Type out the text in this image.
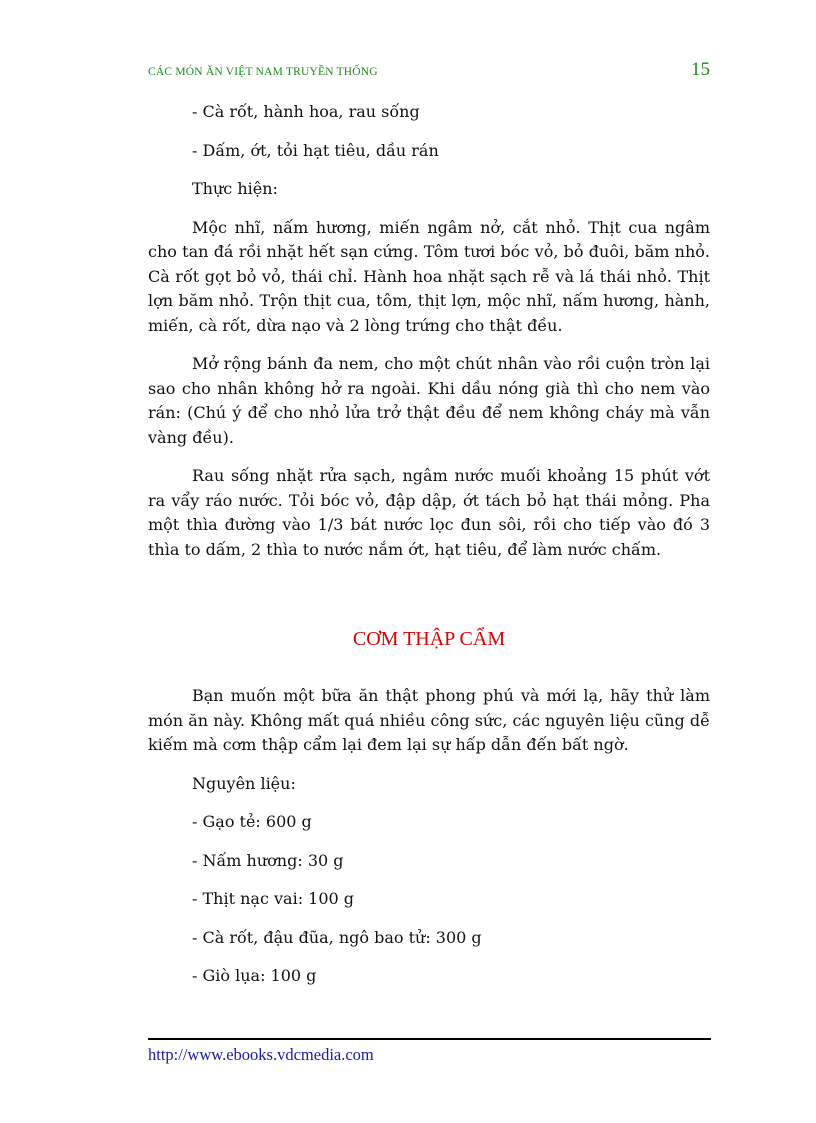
CÁC MÓN ĂN VIỆT NAM TRUYỀN THỐNG	15

- Cà rốt, hành hoa, rau sống

- Dấm, ớt, tỏi hạt tiêu, dầu rán

Thực hiện:

Mộc nhĩ, nấm hương, miến ngâm nở, cắt nhỏ. Thịt cua ngâm cho tan đá rồi nhặt hết sạn cứng. Tôm tươi bóc vỏ, bỏ đuôi, băm nhỏ. Cà rốt gọt bỏ vỏ, thái chỉ. Hành hoa nhặt sạch rễ và lá thái nhỏ. Thịt lợn băm nhỏ. Trộn thịt cua, tôm, thịt lợn, mộc nhĩ, nấm hương, hành, miến, cà rốt, dừa nạo và 2 lòng trứng cho thật đều.

Mở rộng bánh đa nem, cho một chút nhân vào rồi cuộn tròn lại sao cho nhân không hở ra ngoài. Khi dầu nóng già thì cho nem vào rán: (Chú ý để cho nhỏ lửa trở thật đều để nem không cháy mà vẫn vàng đều).

Rau sống nhặt rửa sạch, ngâm nước muối khoảng 15 phút vớt ra vẩy ráo nước. Tỏi bóc vỏ, đập dập, ớt tách bỏ hạt thái mỏng. Pha một thìa đường vào 1/3 bát nước lọc đun sôi, rồi cho tiếp vào đó 3 thìa to dấm, 2 thìa to nước nắm ớt, hạt tiêu, để làm nước chấm.

CƠM THẬP CẨM

Bạn muốn một bữa ăn thật phong phú và mới lạ, hãy thử làm món ăn này. Không mất quá nhiều công sức, các nguyên liệu cũng dễ kiếm mà cơm thập cẩm lại đem lại sự hấp dẫn đến bất ngờ.

Nguyên liệu:

- Gạo tẻ: 600 g

- Nấm hương: 30 g

- Thịt nạc vai: 100 g

- Cà rốt, đậu đũa, ngô bao tử: 300 g

- Giò lụa: 100 g

http://www.ebooks.vdcmedia.com
